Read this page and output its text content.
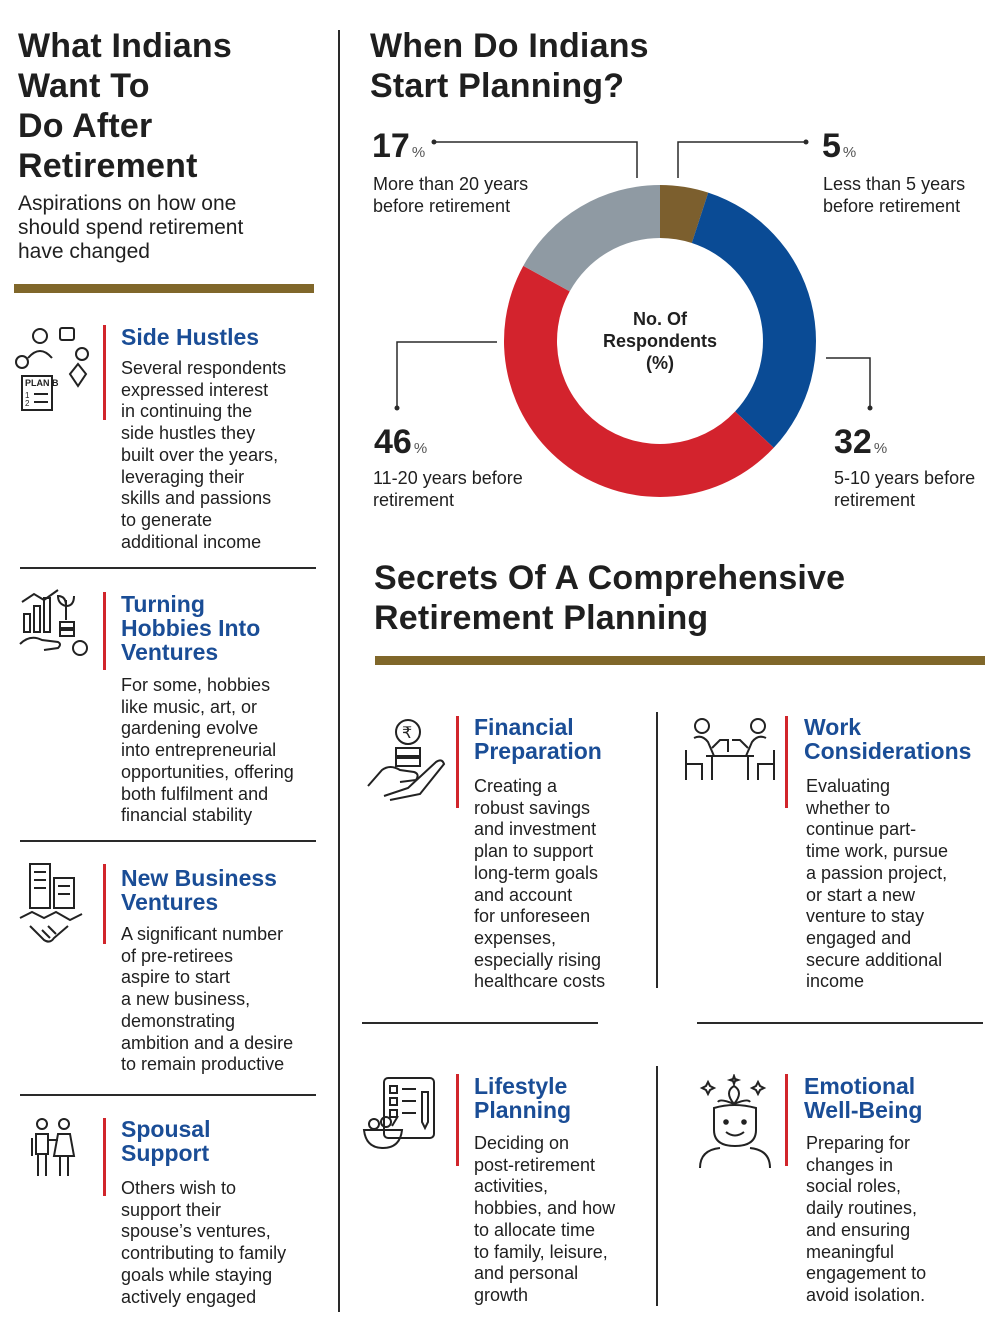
What Indians
Want To
Do After
Retirement
Aspirations on how one
should spend retirement
have changed
PLAN B
1
2
Side Hustles
Several respondents
expressed interest
in continuing the
side hustles they
built over the years,
leveraging their
skills and passions
to generate
additional income
Turning
Hobbies Into
Ventures
For some, hobbies
like music, art, or
gardening evolve
into entrepreneurial
opportunities, offering
both fulfilment and
financial stability
New Business
Ventures
A significant number
of pre-retirees
aspire to start
a new business,
demonstrating
ambition and a desire
to remain productive
Spousal
Support
Others wish to
support their
spouse’s ventures,
contributing to family
goals while staying
actively engaged
When Do Indians
Start Planning?
No. Of
Respondents
(%)
17 %
More than 20 years
before retirement
5 %
Less than 5 years
before retirement
46 %
11-20 years before
retirement
32 %
5-10 years before
retirement
Secrets Of A Comprehensive
Retirement Planning
₹	Financial
Preparation
Creating a
robust savings
and investment
plan to support
long-term goals
and account
for unforeseen
expenses,
especially rising
healthcare costs
Work
Considerations
Evaluating
whether to
continue part-
time work, pursue
a passion project,
or start a new
venture to stay
engaged and
secure additional
income
Lifestyle
Planning
Deciding on
post-retirement
activities,
hobbies, and how
to allocate time
to family, leisure,
and personal
growth
Emotional
Well-Being
Preparing for
changes in
social roles,
daily routines,
and ensuring
meaningful
engagement to
avoid isolation.
